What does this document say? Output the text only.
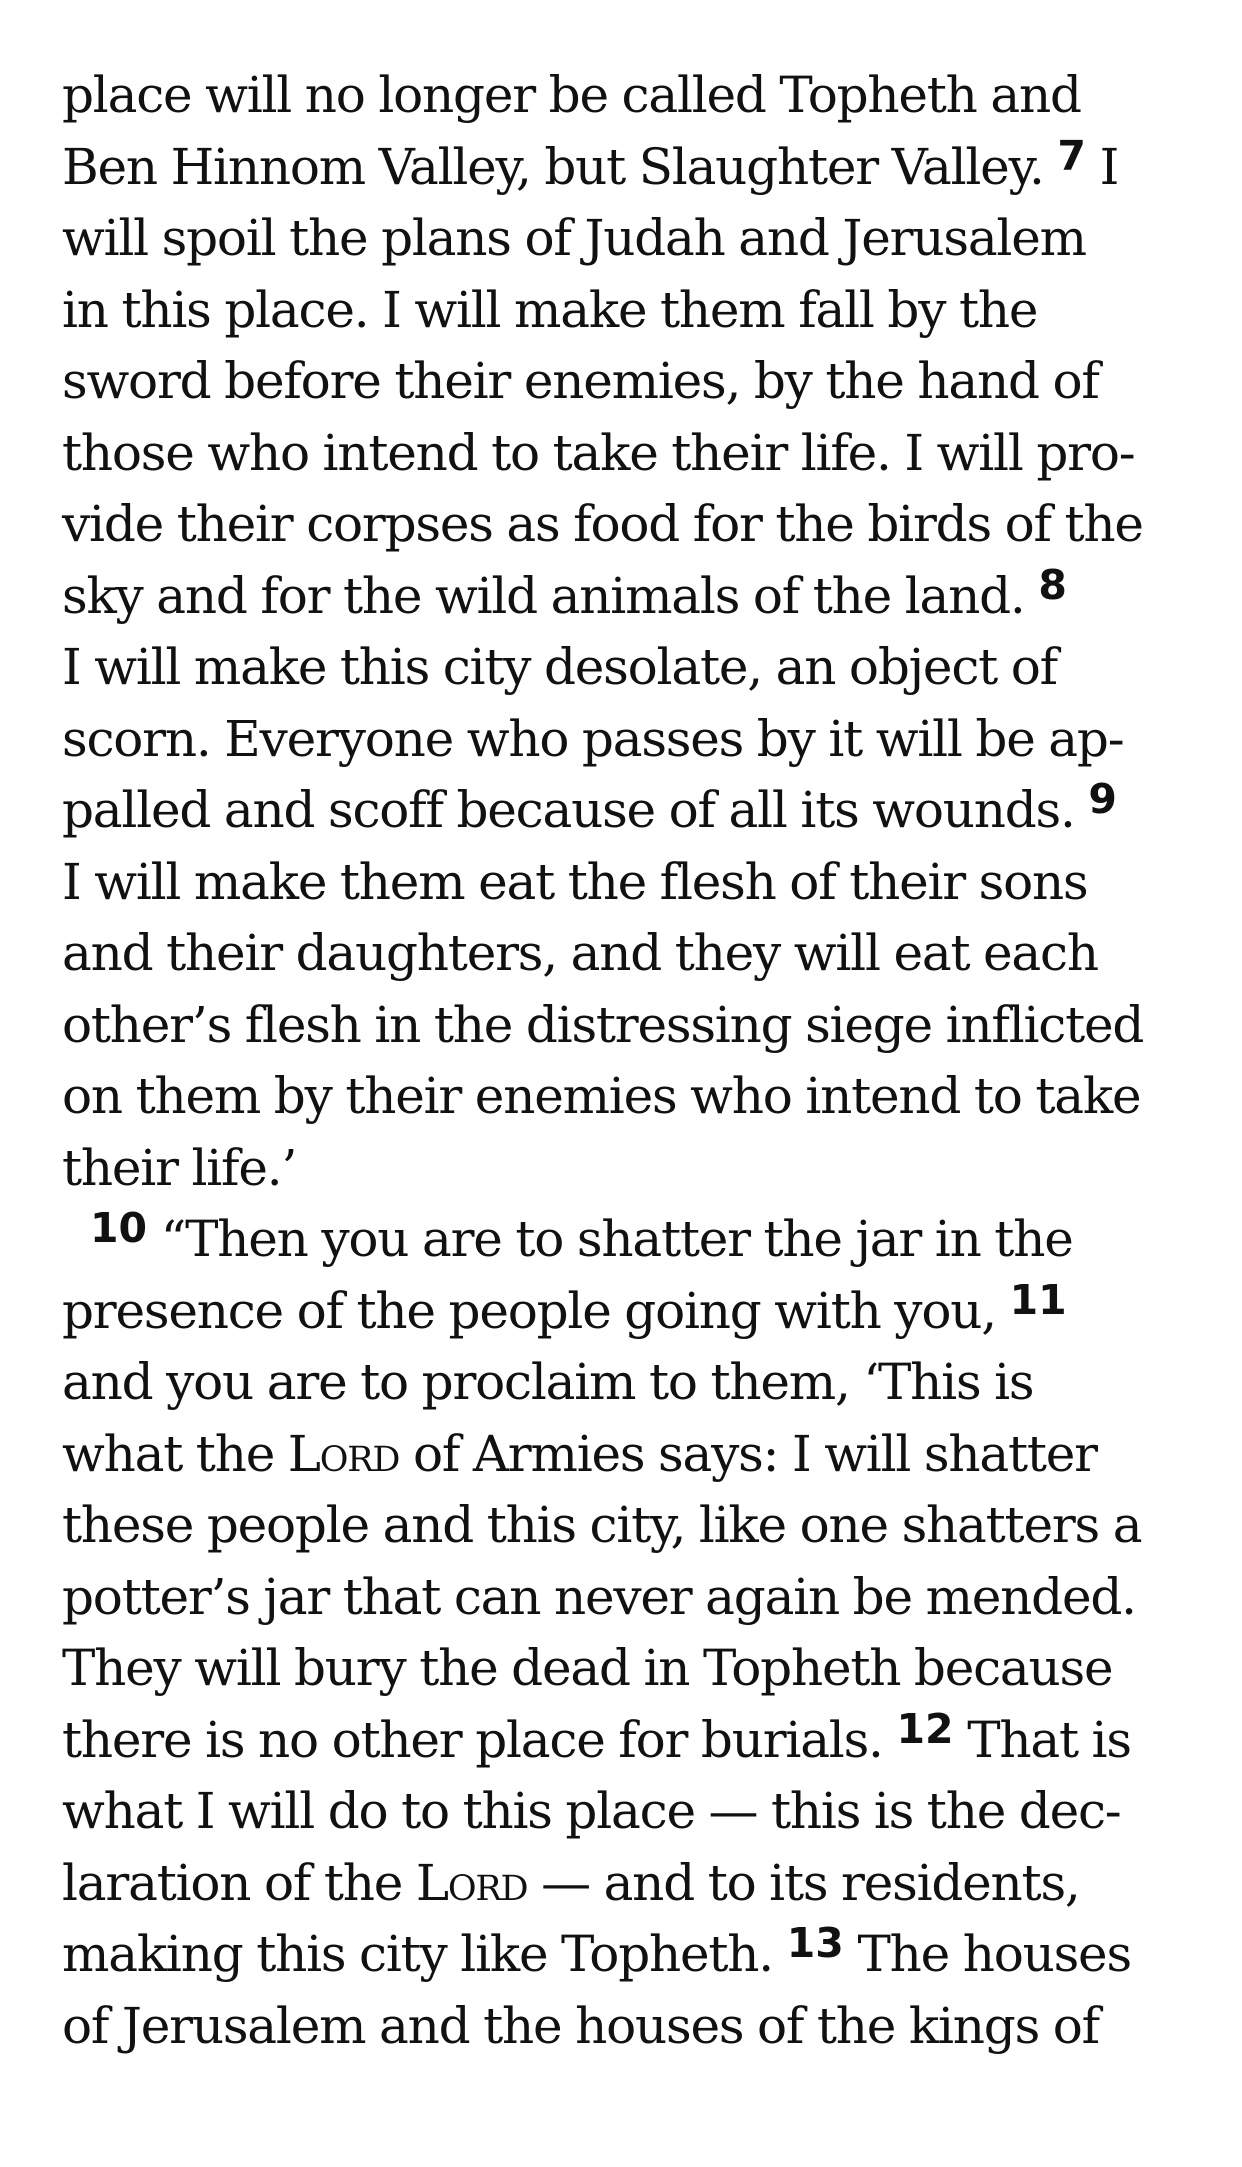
place will no longer be called Topheth and
Ben Hinnom Valley, but Slaughter Valley. $^7$ I
will spoil the plans of Judah and Jerusalem
in this place. I will make them fall by the
sword before their enemies, by the hand of
those who intend to take their life. I will pro-
vide their corpses as food for the birds of the
sky and for the wild animals of the land. $^8$
I will make this city desolate, an object of
scorn. Everyone who passes by it will be ap-
palled and scoff because of all its wounds. $^9$
I will make them eat the flesh of their sons
and their daughters, and they will eat each
other’s flesh in the distressing siege inflicted
on them by their enemies who intend to take
their life.’
$^{10}$ “Then you are to shatter the jar in the
presence of the people going with you, $^{11}$
and you are to proclaim to them, ‘This is
what the Lord of Armies says: I will shatter
these people and this city, like one shatters a
potter’s jar that can never again be mended.
They will bury the dead in Topheth because
there is no other place for burials. $^{12}$ That is
what I will do to this place — this is the dec-
laration of the Lord — and to its residents,
making this city like Topheth. $^{13}$ The houses
of Jerusalem and the houses of the kings of
